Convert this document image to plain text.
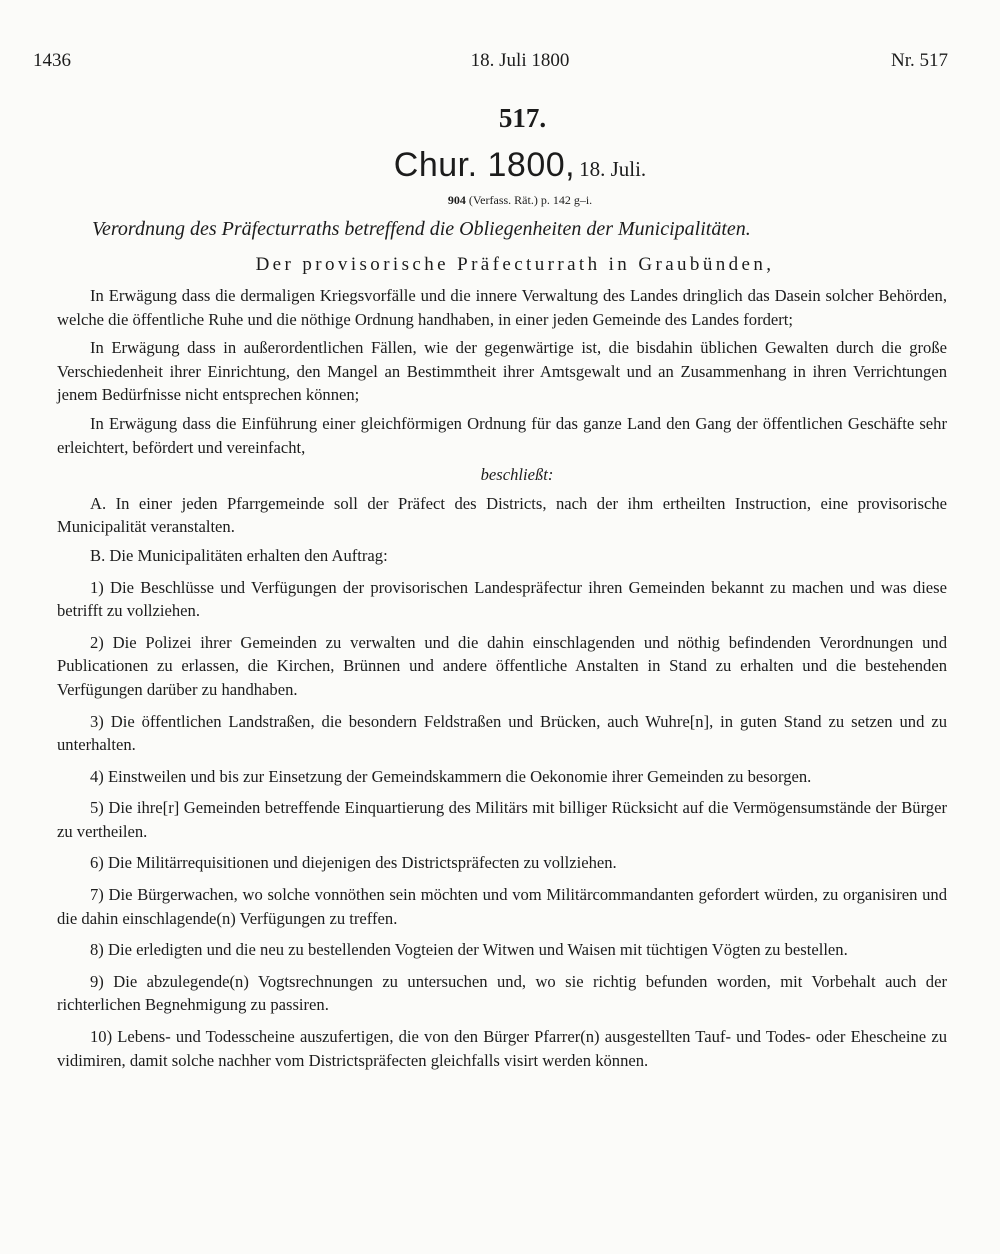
1436	18. Juli 1800	Nr. 517
517.
Chur. 1800, 18. Juli.
904 (Verfass. Rät.) p. 142 g–i.
Verordnung des Präfecturraths betreffend die Obliegenheiten der Municipalitäten.
Der provisorische Präfecturrath in Graubünden,

In Erwägung dass die dermaligen Kriegsvorfälle und die innere Verwaltung des Landes dringlich das Dasein solcher Behörden, welche die öffentliche Ruhe und die nöthige Ordnung handhaben, in einer jeden Gemeinde des Landes fordert;

In Erwägung dass in außerordentlichen Fällen, wie der gegenwärtige ist, die bisdahin üblichen Gewalten durch die große Verschiedenheit ihrer Einrichtung, den Mangel an Bestimmtheit ihrer Amtsgewalt und an Zusammenhang in ihren Verrichtungen jenem Bedürfnisse nicht entsprechen können;

In Erwägung dass die Einführung einer gleichförmigen Ordnung für das ganze Land den Gang der öffentlichen Geschäfte sehr erleichtert, befördert und vereinfacht,

beschließt:

A. In einer jeden Pfarrgemeinde soll der Präfect des Districts, nach der ihm ertheilten Instruction, eine provisorische Municipalität veranstalten.

B. Die Municipalitäten erhalten den Auftrag:

1) Die Beschlüsse und Verfügungen der provisorischen Landespräfectur ihren Gemeinden bekannt zu machen und was diese betrifft zu vollziehen.

2) Die Polizei ihrer Gemeinden zu verwalten und die dahin einschlagenden und nöthig befindenden Verordnungen und Publicationen zu erlassen, die Kirchen, Brünnen und andere öffentliche Anstalten in Stand zu erhalten und die bestehenden Verfügungen darüber zu handhaben.

3) Die öffentlichen Landstraßen, die besondern Feldstraßen und Brücken, auch Wuhre[n], in guten Stand zu setzen und zu unterhalten.

4) Einstweilen und bis zur Einsetzung der Gemeindskammern die Oekonomie ihrer Gemeinden zu besorgen.

5) Die ihre[r] Gemeinden betreffende Einquartierung des Militärs mit billiger Rücksicht auf die Vermögensumstände der Bürger zu vertheilen.

6) Die Militärrequisitionen und diejenigen des Districtspräfecten zu vollziehen.

7) Die Bürgerwachen, wo solche vonnöthen sein möchten und vom Militärcommandanten gefordert würden, zu organisiren und die dahin einschlagende(n) Verfügungen zu treffen.

8) Die erledigten und die neu zu bestellenden Vogteien der Witwen und Waisen mit tüchtigen Vögten zu bestellen.

9) Die abzulegende(n) Vogtsrechnungen zu untersuchen und, wo sie richtig befunden worden, mit Vorbehalt auch der richterlichen Begnehmigung zu passiren.

10) Lebens- und Todesscheine auszufertigen, die von den Bürger Pfarrer(n) ausgestellten Tauf- und Todes- oder Ehescheine zu vidimiren, damit solche nachher vom Districtspräfecten gleichfalls visirt werden können.
